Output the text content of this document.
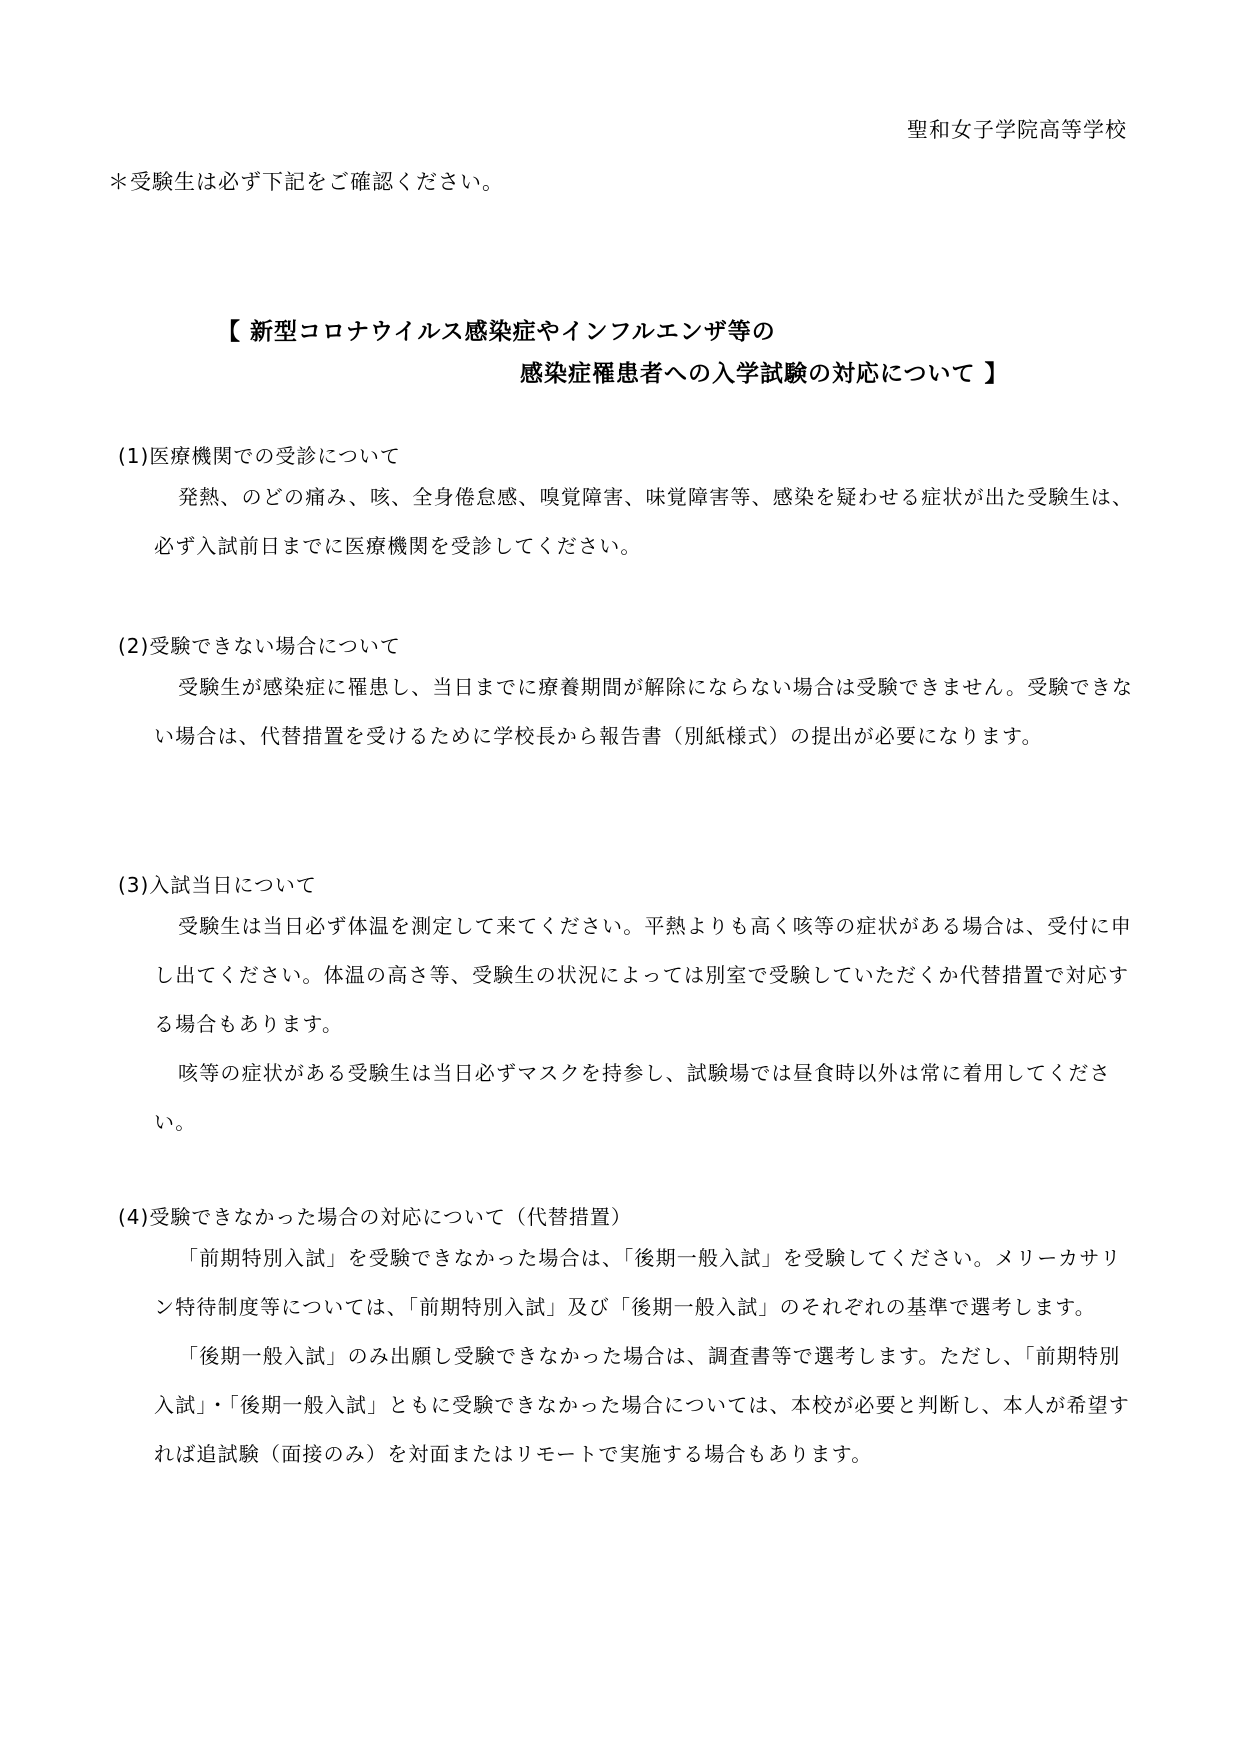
聖和女子学院高等学校
＊受験生は必ず下記をご確認ください。
【 新型コロナウイルス感染症やインフルエンザ等の
感染症罹患者への入学試験の対応について 】
(1)医療機関での受診について

発熱、のどの痛み、咳、全身倦怠感、嗅覚障害、味覚障害等、感染を疑わせる症状が出た受験生は、必ず入試前日までに医療機関を受診してください。

(2)受験できない場合について

受験生が感染症に罹患し、当日までに療養期間が解除にならない場合は受験できません。受験できない場合は、代替措置を受けるために学校長から報告書（別紙様式）の提出が必要になります。

(3)入試当日について

受験生は当日必ず体温を測定して来てください。平熱よりも高く咳等の症状がある場合は、受付に申し出てください。体温の高さ等、受験生の状況によっては別室で受験していただくか代替措置で対応する場合もあります。

咳等の症状がある受験生は当日必ずマスクを持参し、試験場では昼食時以外は常に着用してください。

(4)受験できなかった場合の対応について（代替措置）

「前期特別入試」を受験できなかった場合は、「後期一般入試」を受験してください。メリーカサリン特待制度等については、「前期特別入試」及び「後期一般入試」のそれぞれの基準で選考します。

「後期一般入試」のみ出願し受験できなかった場合は、調査書等で選考します。ただし、「前期特別入試」・「後期一般入試」ともに受験できなかった場合については、本校が必要と判断し、本人が希望すれば追試験（面接のみ）を対面またはリモートで実施する場合もあります。
